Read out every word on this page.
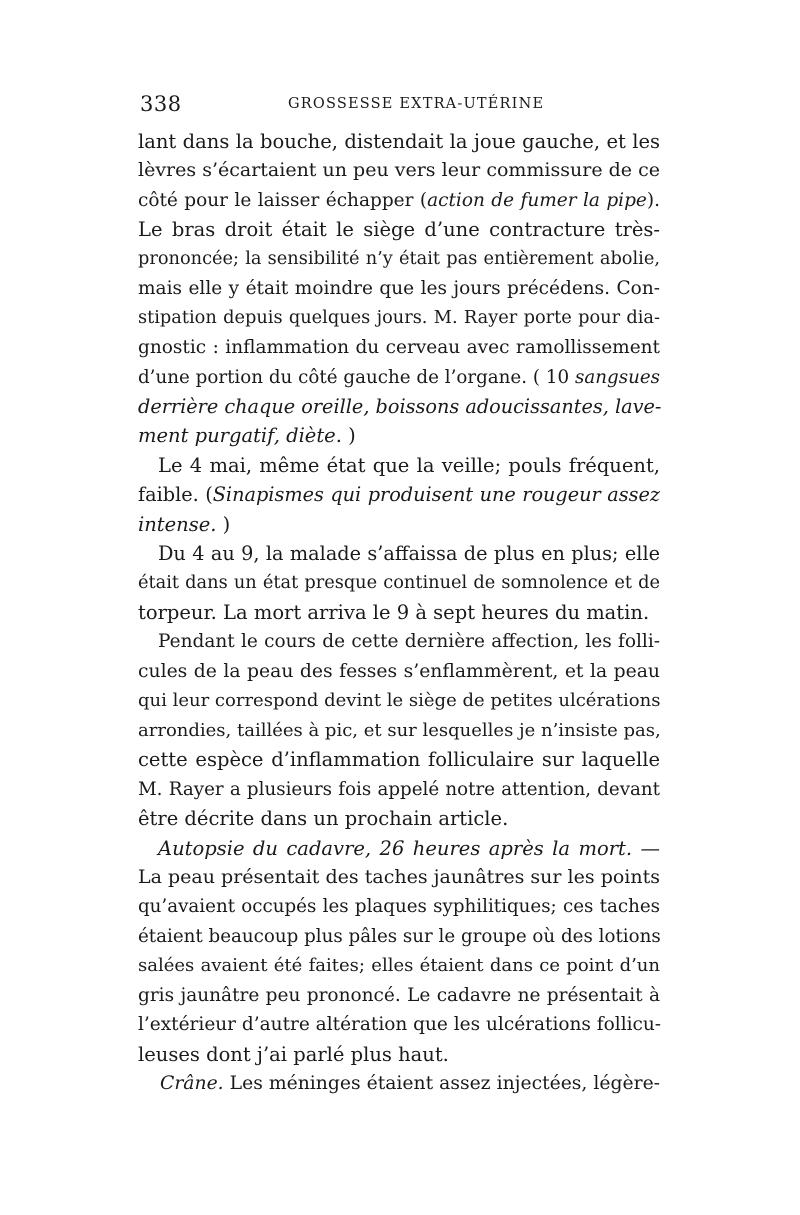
338	GROSSESSE EXTRA-UTÉRINE
lant dans la bouche, distendait la joue gauche, et les
lèvres s’écartaient un peu vers leur commissure de ce
côté pour le laisser échapper (action de fumer la pipe).
Le bras droit était le siège d’une contracture très-
prononcée; la sensibilité n’y était pas entièrement abolie,
mais elle y était moindre que les jours précédens. Con-
stipation depuis quelques jours. M. Rayer porte pour dia-
gnostic : inflammation du cerveau avec ramollissement
d’une portion du côté gauche de l’organe. ( 10 sangsues
derrière chaque oreille, boissons adoucissantes, lave-
ment purgatif, diète. )
Le 4 mai, même état que la veille; pouls fréquent,
faible. (Sinapismes qui produisent une rougeur assez
intense. )
Du 4 au 9, la malade s’affaissa de plus en plus; elle
était dans un état presque continuel de somnolence et de
torpeur. La mort arriva le 9 à sept heures du matin.
Pendant le cours de cette dernière affection, les folli-
cules de la peau des fesses s’enflammèrent, et la peau
qui leur correspond devint le siège de petites ulcérations
arrondies, taillées à pic, et sur lesquelles je n’insiste pas,
cette espèce d’inflammation folliculaire sur laquelle
M. Rayer a plusieurs fois appelé notre attention, devant
être décrite dans un prochain article.
Autopsie du cadavre, 26 heures après la mort. —
La peau présentait des taches jaunâtres sur les points
qu’avaient occupés les plaques syphilitiques; ces taches
étaient beaucoup plus pâles sur le groupe où des lotions
salées avaient été faites; elles étaient dans ce point d’un
gris jaunâtre peu prononcé. Le cadavre ne présentait à
l’extérieur d’autre altération que les ulcérations follicu-
leuses dont j’ai parlé plus haut.
Crâne. Les méninges étaient assez injectées, légère-
